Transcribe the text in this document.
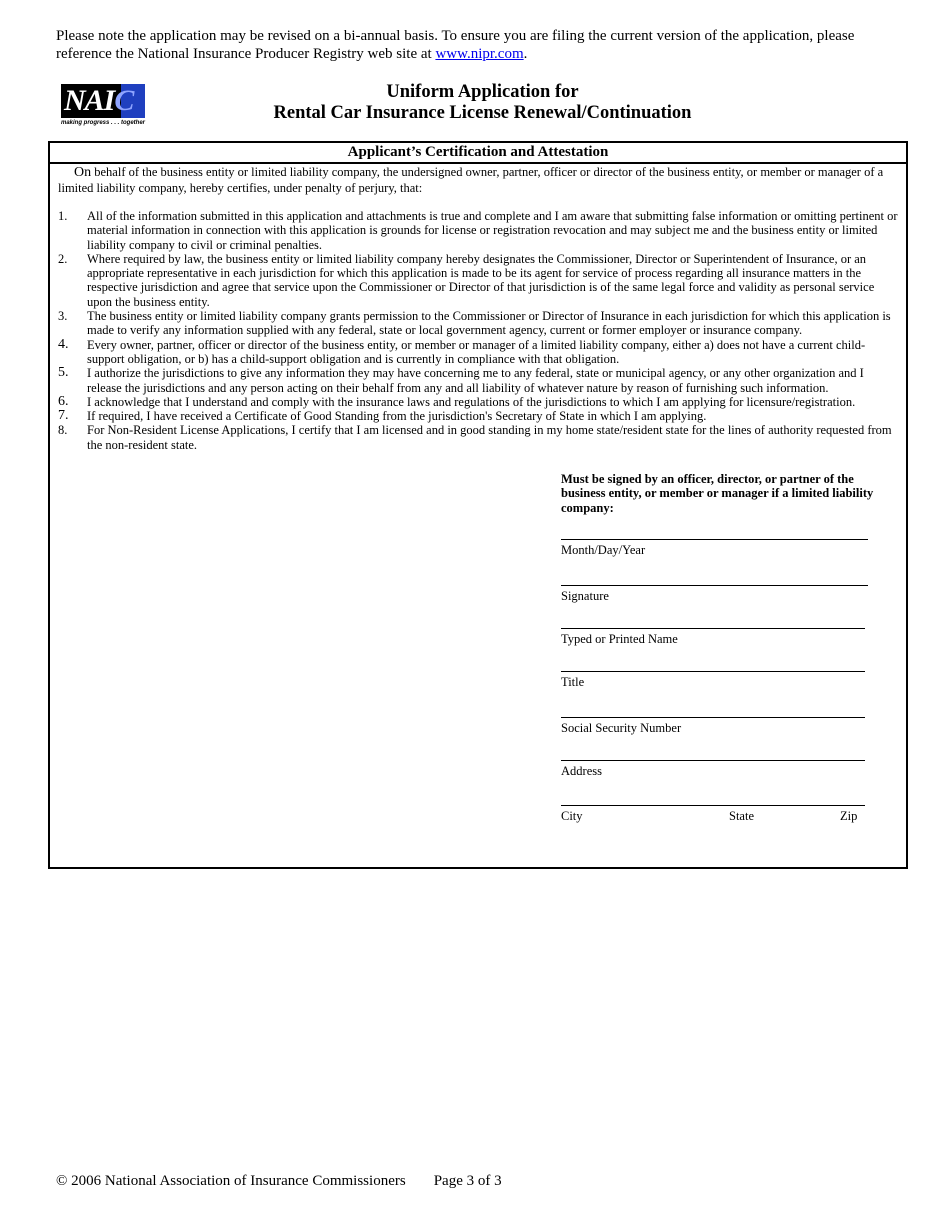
Please note the application may be revised on a bi-annual basis. To ensure you are filing the current version of the application, please reference the National Insurance Producer Registry web site at www.nipr.com.
NAIC
making progress . . . together
Uniform Application for
Rental Car Insurance License Renewal/Continuation
Applicant’s Certification and Attestation
On behalf of the business entity or limited liability company, the undersigned owner, partner, officer or director of the business entity, or member or manager of a limited liability company, hereby certifies, under penalty of perjury, that:
1. All of the information submitted in this application and attachments is true and complete and I am aware that submitting false information or omitting pertinent or material information in connection with this application is grounds for license or registration revocation and may subject me and the business entity or limited liability company to civil or criminal penalties.
2. Where required by law, the business entity or limited liability company hereby designates the Commissioner, Director or Superintendent of Insurance, or an appropriate representative in each jurisdiction for which this application is made to be its agent for service of process regarding all insurance matters in the respective jurisdiction and agree that service upon the Commissioner or Director of that jurisdiction is of the same legal force and validity as personal service upon the business entity.
3. The business entity or limited liability company grants permission to the Commissioner or Director of Insurance in each jurisdiction for which this application is made to verify any information supplied with any federal, state or local government agency, current or former employer or insurance company.
4. Every owner, partner, officer or director of the business entity, or member or manager of a limited liability company, either a) does not have a current child-support obligation, or b) has a child-support obligation and is currently in compliance with that obligation.
5. I authorize the jurisdictions to give any information they may have concerning me to any federal, state or municipal agency, or any other organization and I release the jurisdictions and any person acting on their behalf from any and all liability of whatever nature by reason of furnishing such information.
6. I acknowledge that I understand and comply with the insurance laws and regulations of the jurisdictions to which I am applying for licensure/registration.
7. If required, I have received a Certificate of Good Standing from the jurisdiction's Secretary of State in which I am applying.
8. For Non-Resident License Applications, I certify that I am licensed and in good standing in my home state/resident state for the lines of authority requested from the non-resident state.
Must be signed by an officer, director, or partner of the business entity, or member or manager if a limited liability company:
Month/Day/Year
Signature
Typed or Printed Name
Title
Social Security Number
Address
City	State	Zip
© 2006 National Association of Insurance Commissioners Page 3 of 3
